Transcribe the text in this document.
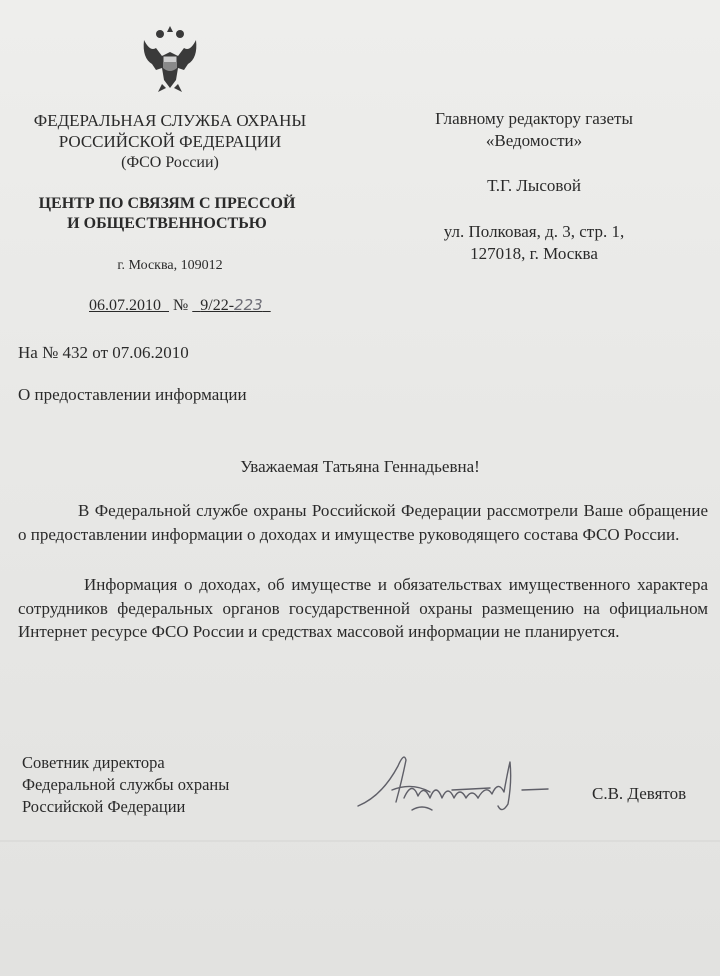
ФЕДЕРАЛЬНАЯ СЛУЖБА ОХРАНЫ
РОССИЙСКОЙ ФЕДЕРАЦИИ
(ФСО России)
ЦЕНТР ПО СВЯЗЯМ С ПРЕССОЙ
И ОБЩЕСТВЕННОСТЬЮ
г. Москва, 109012
06.07.2010 № 9/22-223
Главному редактору газеты
«Ведомости»
Т.Г. Лысовой
ул. Полковая, д. 3, стр. 1,
127018, г. Москва
На № 432 от 07.06.2010
О предоставлении информации
Уважаемая Татьяна Геннадьевна!

В Федеральной службе охраны Российской Федерации рассмотрели Ваше обращение о предоставлении информации о доходах и имуществе руководящего состава ФСО России.

Информация о доходах, об имуществе и обязательствах имущественного характера сотрудников федеральных органов государственной охраны размещению на официальном Интернет ресурсе ФСО России и средствах массовой информации не планируется.

Советник директора
Федеральной службы охраны
Российской Федерации
С.В. Девятов
